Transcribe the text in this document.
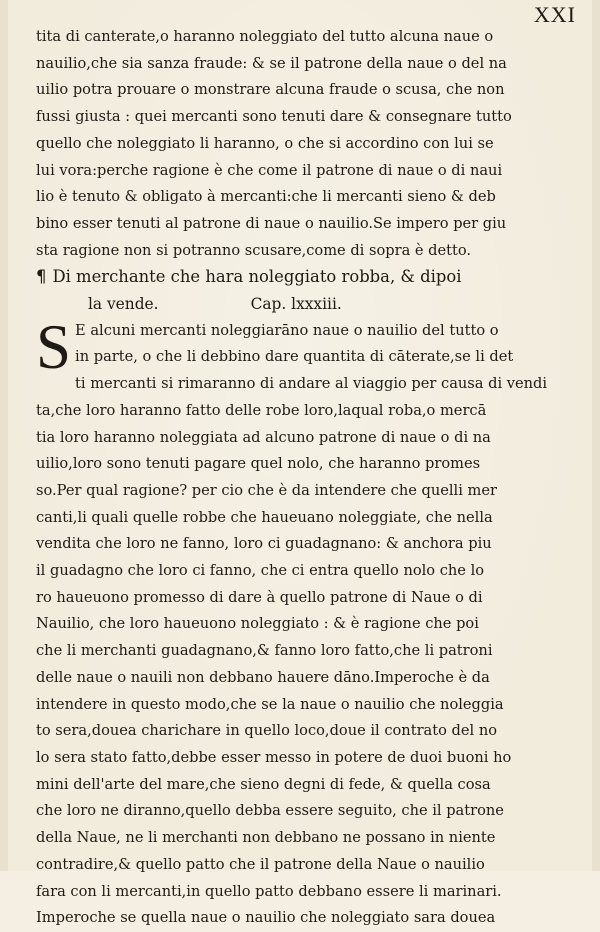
XXI
tita di canterate,o haranno noleggiato del tutto alcuna naue o
nauilio,che sia sanza fraude: & se il patrone della naue o del na
uilio potra prouare o monstrare alcuna fraude o scusa, che non
fussi giusta : quei mercanti sono tenuti dare & consegnare tutto
quello che noleggiato li haranno, o che si accordino con lui se
lui vora:perche ragione è che come il patrone di naue o di naui
lio è tenuto & obligato à mercanti:che li mercanti sieno & deb
bino esser tenuti al patrone di naue o nauilio.Se impero per giu
sta ragione non si potranno scusare,come di sopra è detto.
¶ Di merchante che hara noleggiato robba, & dipoi
la vende.	Cap. lxxxiii.
S E alcuni mercanti noleggiarāno naue o nauilio del tutto o
in parte, o che li debbino dare quantita di cāterate,se li det
ti mercanti si rimaranno di andare al viaggio per causa di vendi
ta,che loro haranno fatto delle robe loro,laqual roba,o mercā
tia loro haranno noleggiata ad alcuno patrone di naue o di na
uilio,loro sono tenuti pagare quel nolo, che haranno promes
so.Per qual ragione? per cio che è da intendere che quelli mer
canti,li quali quelle robbe che haueuano noleggiate, che nella
vendita che loro ne fanno, loro ci guadagnano: & anchora piu
il guadagno che loro ci fanno, che ci entra quello nolo che lo
ro haueuono promesso di dare à quello patrone di Naue o di
Nauilio, che loro haueuono noleggiato : & è ragione che poi
che li merchanti guadagnano,& fanno loro fatto,che li patroni
delle naue o nauili non debbano hauere dāno.Imperoche è da
intendere in questo modo,che se la naue o nauilio che noleggia
to sera,douea charichare in quello loco,doue il contrato del no
lo sera stato fatto,debbe esser messo in potere de duoi buoni ho
mini dell'arte del mare,che sieno degni di fede, & quella cosa
che loro ne diranno,quello debba essere seguito, che il patrone
della Naue, ne li merchanti non debbano ne possano in niente
contradire,& quello patto che il patrone della Naue o nauilio
fara con li mercanti,in quello patto debbano essere li marinari.
Imperoche se quella naue o nauilio che noleggiato sara douea
